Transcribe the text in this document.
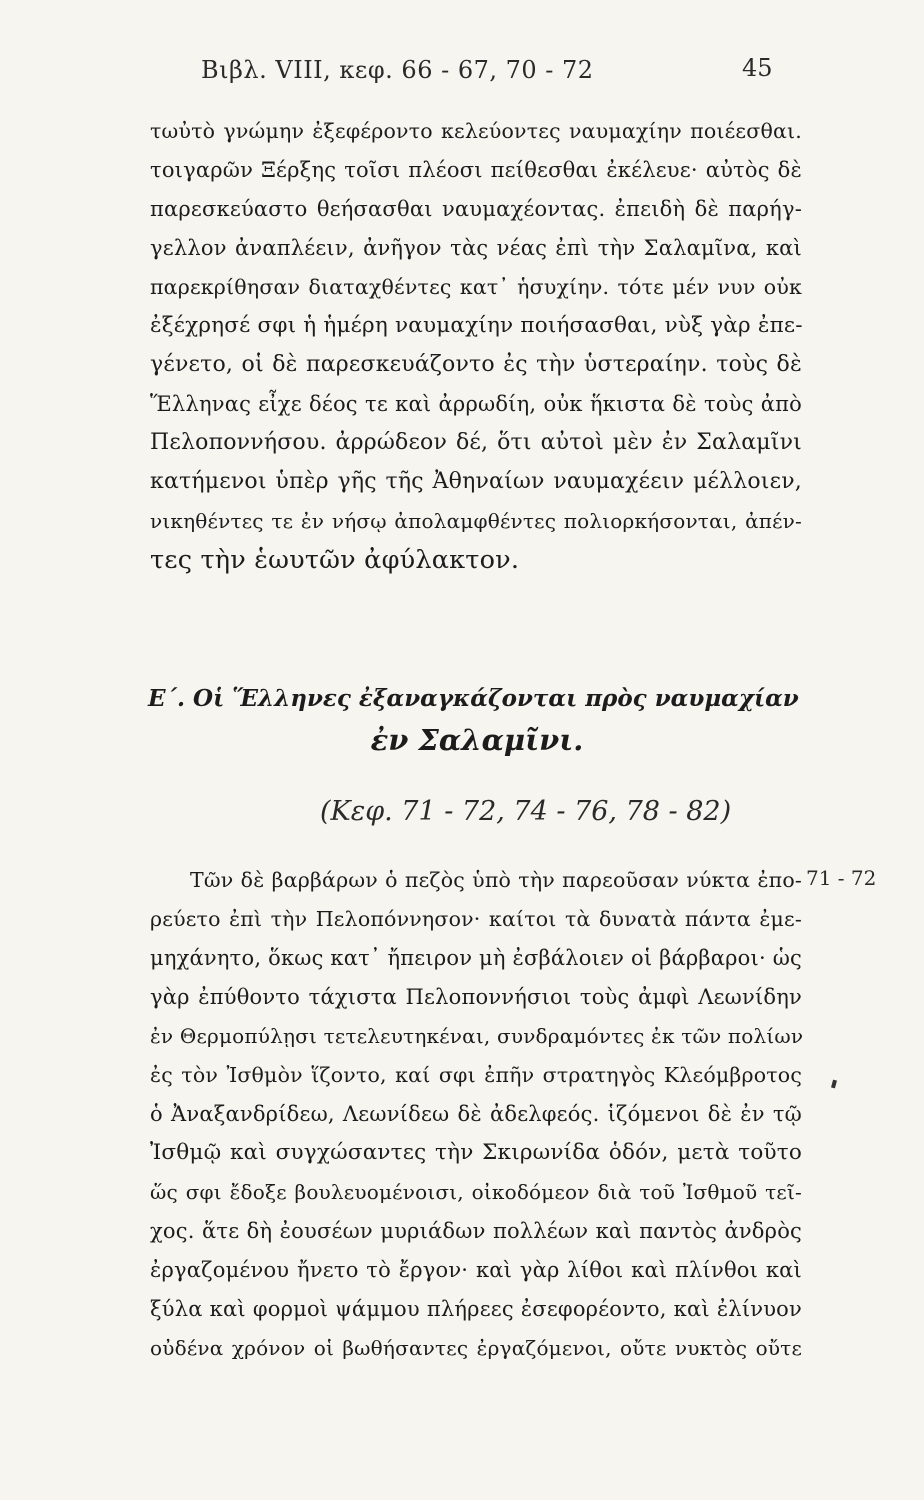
Βιβλ. VIII, κεφ. 66 - 67, 70 - 72	45
τωὐτὸ γνώμην ἐξεφέροντο κελεύοντες ναυμαχίην ποιέεσθαι.
τοιγαρῶν Ξέρξης τοῖσι πλέοσι πείθεσθαι ἐκέλευε· αὐτὸς δὲ
παρεσκεύαστο θεήσασθαι ναυμαχέοντας. ἐπειδὴ δὲ παρήγ-
γελλον ἀναπλέειν, ἀνῆγον τὰς νέας ἐπὶ τὴν Σαλαμῖνα, καὶ
παρεκρίθησαν διαταχθέντες κατ᾽ ἡσυχίην. τότε μέν νυν οὐκ
ἐξέχρησέ σφι ἡ ἡμέρη ναυμαχίην ποιήσασθαι, νὺξ γὰρ ἐπε-
γένετο, οἱ δὲ παρεσκευάζοντο ἐς τὴν ὑστεραίην. τοὺς δὲ
Ἕλληνας εἶχε δέος τε καὶ ἀρρωδίη, οὐκ ἥκιστα δὲ τοὺς ἀπὸ
Πελοποννήσου. ἀρρώδεον δέ, ὅτι αὐτοὶ μὲν ἐν Σαλαμῖνι
κατήμενοι ὑπὲρ γῆς τῆς Ἀθηναίων ναυμαχέειν μέλλοιεν,
νικηθέντες τε ἐν νήσῳ ἀπολαμφθέντες πολιορκήσονται, ἀπέν-
τες τὴν ἑωυτῶν ἀφύλακτον.
Ε΄. Οἱ Ἕλληνες ἐξαναγκάζονται πρὸς ναυμαχίαν
ἐν Σαλαμῖνι.
(Κεφ. 71 - 72, 74 - 76, 78 - 82)
71 - 72
Τῶν δὲ βαρβάρων ὁ πεζὸς ὑπὸ τὴν παρεοῦσαν νύκτα ἐπο-
ρεύετο ἐπὶ τὴν Πελοπόννησον· καίτοι τὰ δυνατὰ πάντα ἐμε-
μηχάνητο, ὅκως κατ᾽ ἤπειρον μὴ ἐσβάλοιεν οἱ βάρβαροι· ὡς
γὰρ ἐπύθοντο τάχιστα Πελοποννήσιοι τοὺς ἀμφὶ Λεωνίδην
ἐν Θερμοπύλῃσι τετελευτηκέναι, συνδραμόντες ἐκ τῶν πολίων
ἐς τὸν Ἰσθμὸν ἵζοντο, καί σφι ἐπῆν στρατηγὸς Κλεόμβροτος
ὁ Ἀναξανδρίδεω, Λεωνίδεω δὲ ἀδελφεός. ἱζόμενοι δὲ ἐν τῷ
Ἰσθμῷ καὶ συγχώσαντες τὴν Σκιρωνίδα ὁδόν, μετὰ τοῦτο
ὥς σφι ἔδοξε βουλευομένοισι, οἰκοδόμεον διὰ τοῦ Ἰσθμοῦ τεῖ-
χος. ἅτε δὴ ἐουσέων μυριάδων πολλέων καὶ παντὸς ἀνδρὸς
ἐργαζομένου ἤνετο τὸ ἔργον· καὶ γὰρ λίθοι καὶ πλίνθοι καὶ
ξύλα καὶ φορμοὶ ψάμμου πλήρεες ἐσεφορέοντο, καὶ ἐλίνυον
οὐδένα χρόνον οἱ βωθήσαντες ἐργαζόμενοι, οὔτε νυκτὸς οὔτε
